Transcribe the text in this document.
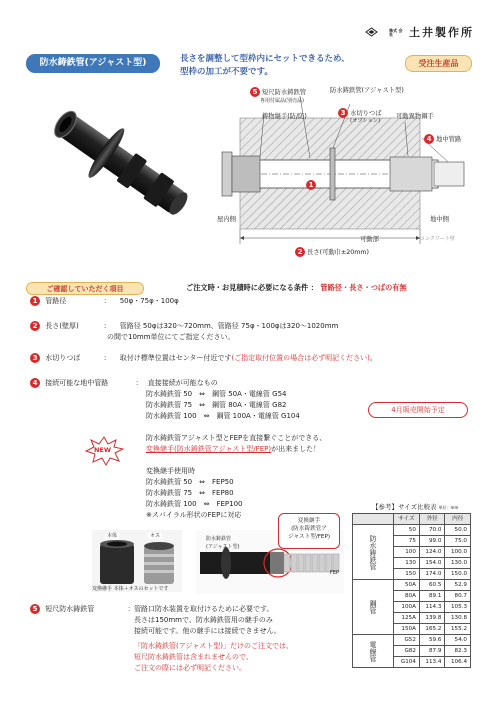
株式 会社 土井製作所
防水鋳鉄管(アジャスト型)	長さを調整して型枠内にセットできるため、
型枠の加工が不要です。
受注生産品
5 短尺防水鋳鉄管
専用付属品(別売品)
防水鋳鉄管(アジャスト型)
鋳物継手(防/防)	3 水切りつば
(オプション)
可動異物鋼手
4 地中管路
1
屋内側	地中側
可動部	コンクリート壁
2 長さ(可動巾±20mm)
ご確認していただく項目	ご注文時・お見積時に必要になる条件 ： 管路径・長さ・つばの有無
1 管路径	： 50φ・75φ・100φ
2 長さ(壁厚)	： 管路径 50φは320〜720mm、管路径 75φ・100φは320〜1020mm
の間で10mm単位にてご指定ください。
3 水切りつば	： 取付け標準位置はセンター付近です(ご指定取付位置の場合は必ず明記ください)。
4 接続可能な地中管路	： 直接接続が可能なもの
防水鋳鉄管 50　⇔　鋼管 50A・電線管 G54
防水鋳鉄管 75　⇔　鋼管 80A・電線管 G82
防水鋳鉄管 100　⇔　鋼管 100A・電線管 G104
4月販売開始予定
NEW
防水鋳鉄管アジャスト型とFEPを直接繋ぐことができる、
変換継手(防水鋳鉄管アジャスト型/FEP)が出来ました！
変換継手使用時
防水鋳鉄管 50　⇔　FEP50
防水鋳鉄管 75　⇔　FEP80
防水鋳鉄管 100　⇔　FEP100
※スパイラル形状のFEPに対応
本体	オス
変換継手 本体＋オスのセットです
防水鋳鉄管
(アジャスト型)
FEP
変換継手
(防水鋳鉄管ア
ジャスト型/FEP)
5 短尺防水鋳鉄管	： 管路口防水装置を取付けるために必要です。
長さは150mmで、防水鋳鉄管用の継手のみ
接続可能です。他の継手には接続できません。
「防水鋳鉄管(アジャスト型)」だけのご注文では、
短尺防水鋳鉄管は含まれませんので、
ご注文の際には必ず明記ください。
【参考】サイズ比較表 単位：mm
	サイズ	外径	内径
防水鋳鉄管	50	70.0	50.0
	75	99.0	75.0
	100	124.0	100.0
	130	154.0	130.0
	150	174.0	150.0
鋼管	50A	60.5	52.9
	80A	89.1	80.7
	100A	114.3	105.3
	125A	139.8	130.8
	150A	165.2	155.2
電線管	G52	59.6	54.0
	G82	87.9	82.3
	G104	113.4	106.4
